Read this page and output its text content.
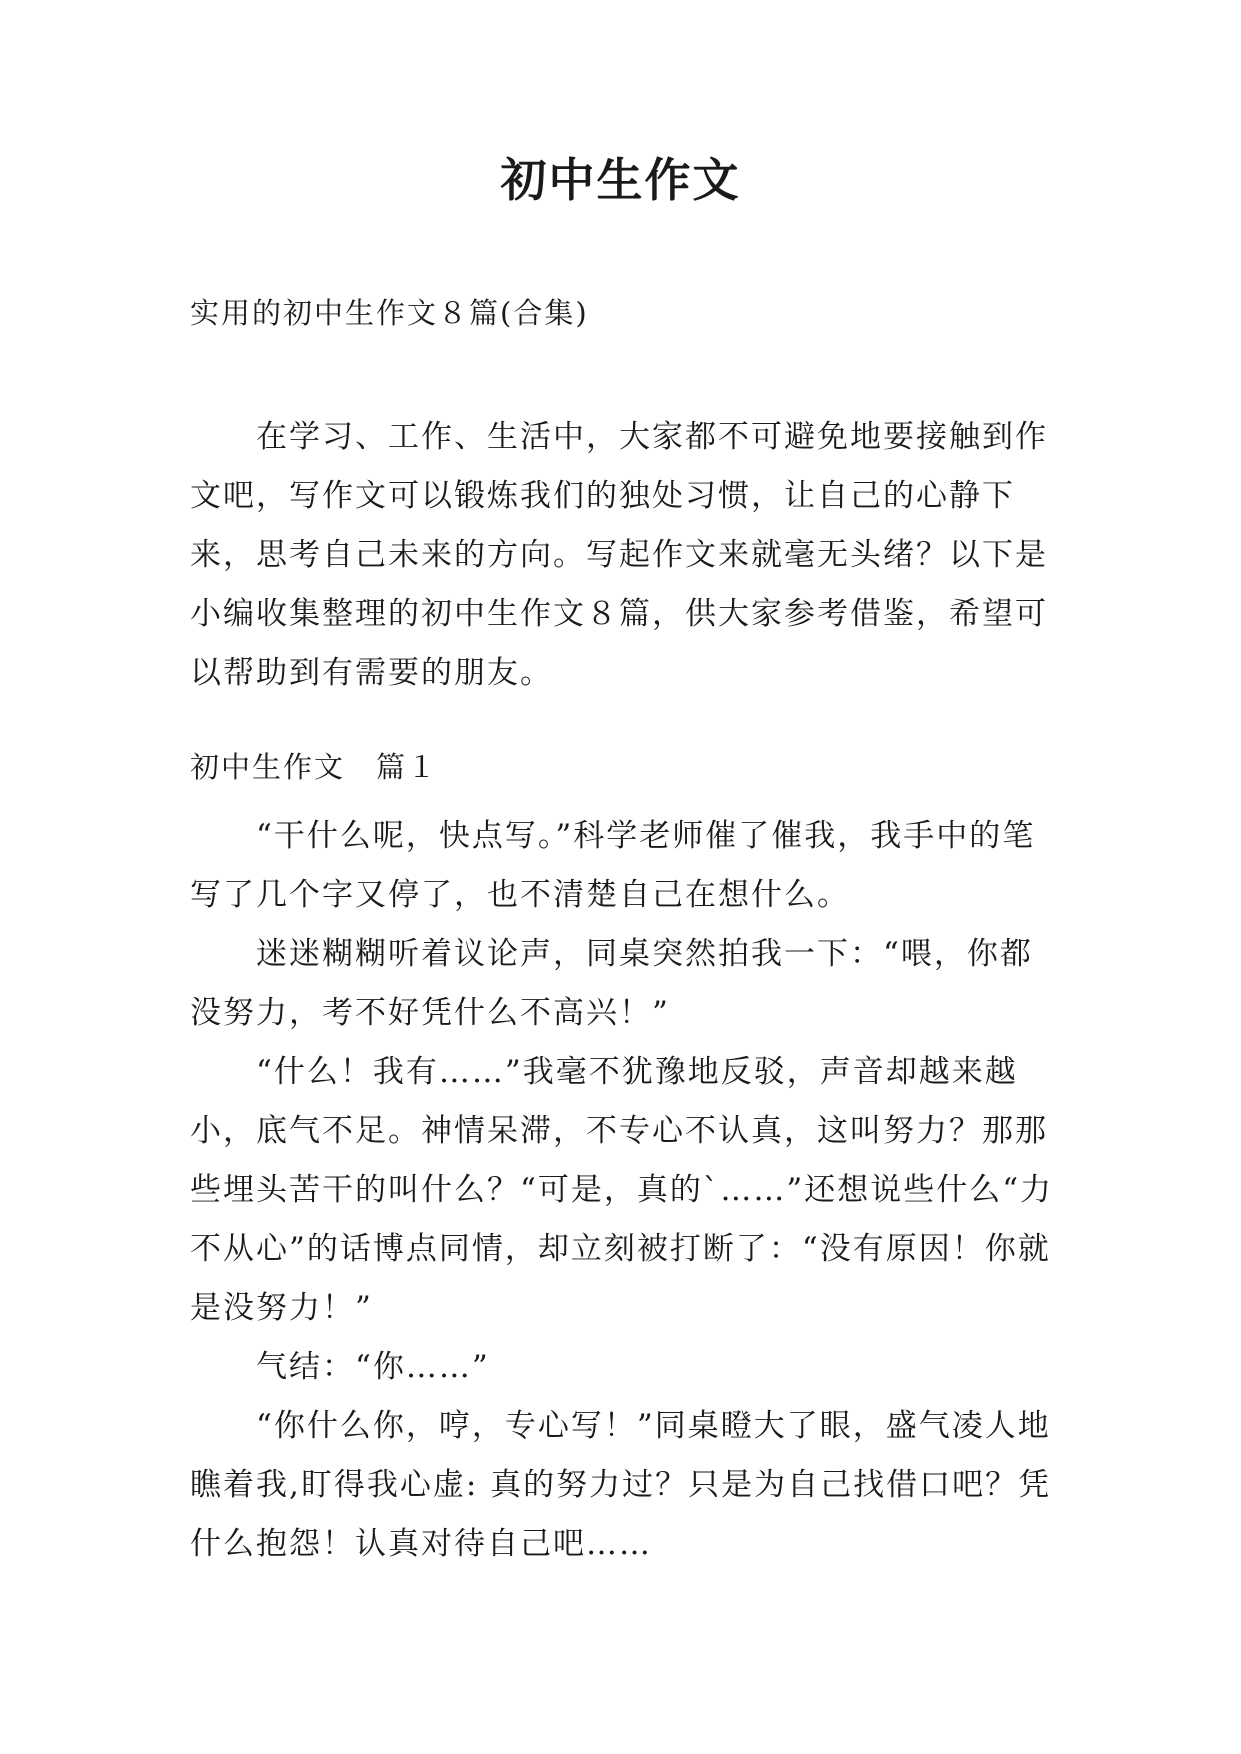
初中生作文
实用的初中生作文８篇(合集)

在学习、工作、生活中，大家都不可避免地要接触到作文吧，写作文可以锻炼我们的独处习惯，让自己的心静下来，思考自己未来的方向。写起作文来就毫无头绪？以下是小编收集整理的初中生作文８篇，供大家参考借鉴，希望可以帮助到有需要的朋友。

初中生作文　篇１

“干什么呢，快点写。”科学老师催了催我，我手中的笔写了几个字又停了，也不清楚自己在想什么。

迷迷糊糊听着议论声，同桌突然拍我一下：“喂，你都没努力，考不好凭什么不高兴！”

“什么！我有……”我毫不犹豫地反驳，声音却越来越小，底气不足。神情呆滞，不专心不认真，这叫努力？那那些埋头苦干的叫什么？“可是，真的`……”还想说些什么“力不从心”的话博点同情，却立刻被打断了：“没有原因！你就是没努力！”

气结：“你……”

“你什么你，哼，专心写！”同桌瞪大了眼，盛气凌人地瞧着我,盯得我心虚: 真的努力过？只是为自己找借口吧？凭什么抱怨！认真对待自己吧……
